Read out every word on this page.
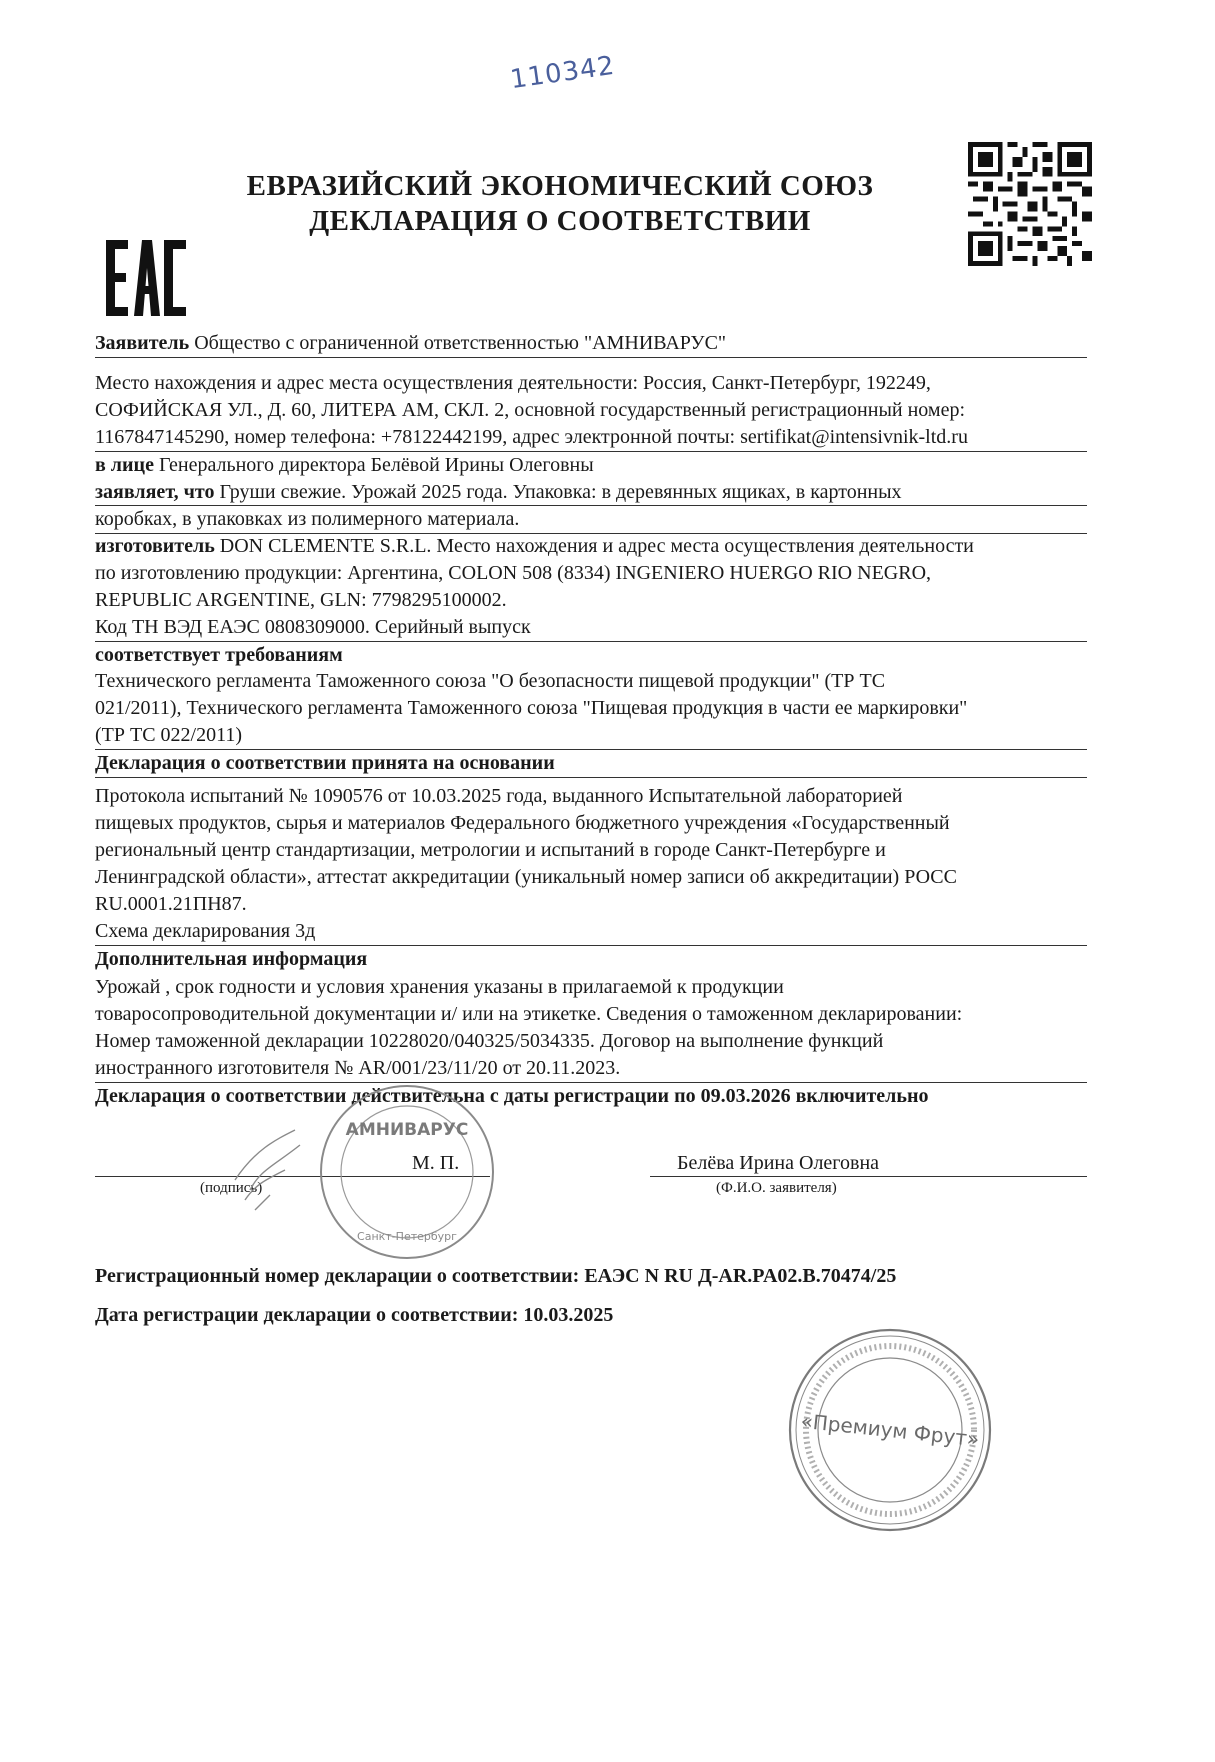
110342
ЕВРАЗИЙСКИЙ ЭКОНОМИЧЕСКИЙ СОЮЗ
ДЕКЛАРАЦИЯ О СООТВЕТСТВИИ
Заявитель Общество с ограниченной ответственностью "АМНИВАРУС"
Место нахождения и адрес места осуществления деятельности: Россия, Санкт-Петербург, 192249,
СОФИЙСКАЯ УЛ., Д. 60, ЛИТЕРА АМ, СКЛ. 2, основной государственный регистрационный номер:
1167847145290, номер телефона: +78122442199, адрес электронной почты: sertifikat@intensivnik-ltd.ru
в лице Генерального директора Белёвой Ирины Олеговны
заявляет, что Груши свежие. Урожай 2025 года. Упаковка: в деревянных ящиках, в картонных
коробках, в упаковках из полимерного материала.
изготовитель DON CLEMENTE S.R.L. Место нахождения и адрес места осуществления деятельности
по изготовлению продукции: Аргентина, COLON 508 (8334) INGENIERO HUERGO RIO NEGRO,
REPUBLIC ARGENTINE, GLN: 7798295100002.
Код ТН ВЭД ЕАЭС 0808309000. Серийный выпуск
соответствует требованиям
Технического регламента Таможенного союза "О безопасности пищевой продукции" (ТР ТС
021/2011), Технического регламента Таможенного союза "Пищевая продукция в части ее маркировки"
(ТР ТС 022/2011)
Декларация о соответствии принята на основании
Протокола испытаний № 1090576 от 10.03.2025 года, выданного Испытательной лабораторией
пищевых продуктов, сырья и материалов Федерального бюджетного учреждения «Государственный
региональный центр стандартизации, метрологии и испытаний в городе Санкт-Петербурге и
Ленинградской области», аттестат аккредитации (уникальный номер записи об аккредитации) РОСС
RU.0001.21ПН87.
Схема декларирования 3д
Дополнительная информация
Урожай , срок годности и условия хранения указаны в прилагаемой к продукции
товаросопроводительной документации и/ или на этикетке. Сведения о таможенном декларировании:
Номер таможенной декларации 10228020/040325/5034335. Договор на выполнение функций
иностранного изготовителя № AR/001/23/11/20 от 20.11.2023.
Декларация о соответствии действительна с даты регистрации по 09.03.2026 включительно
М. П.	Белёва Ирина Олеговна
(подпись)	(Ф.И.О. заявителя)
АМНИВАРУС
Санкт-Петербург
Регистрационный номер декларации о соответствии: ЕАЭС N RU Д-AR.PA02.B.70474/25
Дата регистрации декларации о соответствии: 10.03.2025
«Премиум Фрут»
